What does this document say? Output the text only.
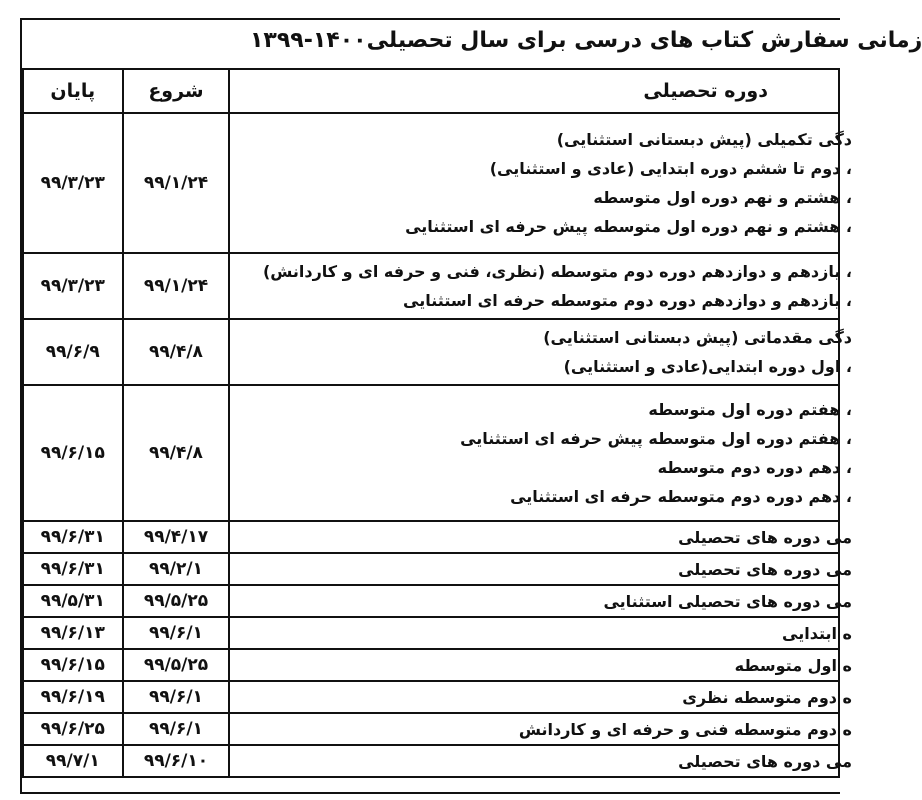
زمانی سفارش کتاب های درسی برای سال تحصیلی۱۴۰۰-۱۳۹۹
پایان	شروع	دوره تحصیلی
۹۹/۳/۲۳	۹۹/۱/۲۴	دگی تکمیلی (پیش دبستانی استثنایی)
، دوم تا ششم دوره ابتدایی (عادی و استثنایی)
، هشتم و نهم دوره اول متوسطه
، هشتم و نهم دوره اول متوسطه پیش حرفه ای استثنایی

۹۹/۳/۲۳	۹۹/۱/۲۴	، یازدهم و دوازدهم دوره دوم متوسطه (نظری، فنی و حرفه ای و کاردانش)
، یازدهم و دوازدهم دوره دوم متوسطه حرفه ای استثنایی

۹۹/۶/۹	۹۹/۴/۸	دگی مقدماتی (پیش دبستانی استثنایی)
، اول دوره ابتدایی(عادی و استثنایی)

۹۹/۶/۱۵	۹۹/۴/۸	، هفتم دوره اول متوسطه
، هفتم دوره اول متوسطه پیش حرفه ای استثنایی
، دهم دوره دوم متوسطه
، دهم دوره دوم متوسطه حرفه ای استثنایی

۹۹/۶/۳۱	۹۹/۴/۱۷	می دوره های تحصیلی

۹۹/۶/۳۱	۹۹/۲/۱	می دوره های تحصیلی

۹۹/۵/۳۱	۹۹/۵/۲۵	می دوره های تحصیلی استثنایی

۹۹/۶/۱۳	۹۹/۶/۱	ه ابتدایی

۹۹/۶/۱۵	۹۹/۵/۲۵	ه اول متوسطه

۹۹/۶/۱۹	۹۹/۶/۱	ه دوم متوسطه نظری

۹۹/۶/۲۵	۹۹/۶/۱	ه دوم متوسطه فنی و حرفه ای و کاردانش

۹۹/۷/۱	۹۹/۶/۱۰	می دوره های تحصیلی
